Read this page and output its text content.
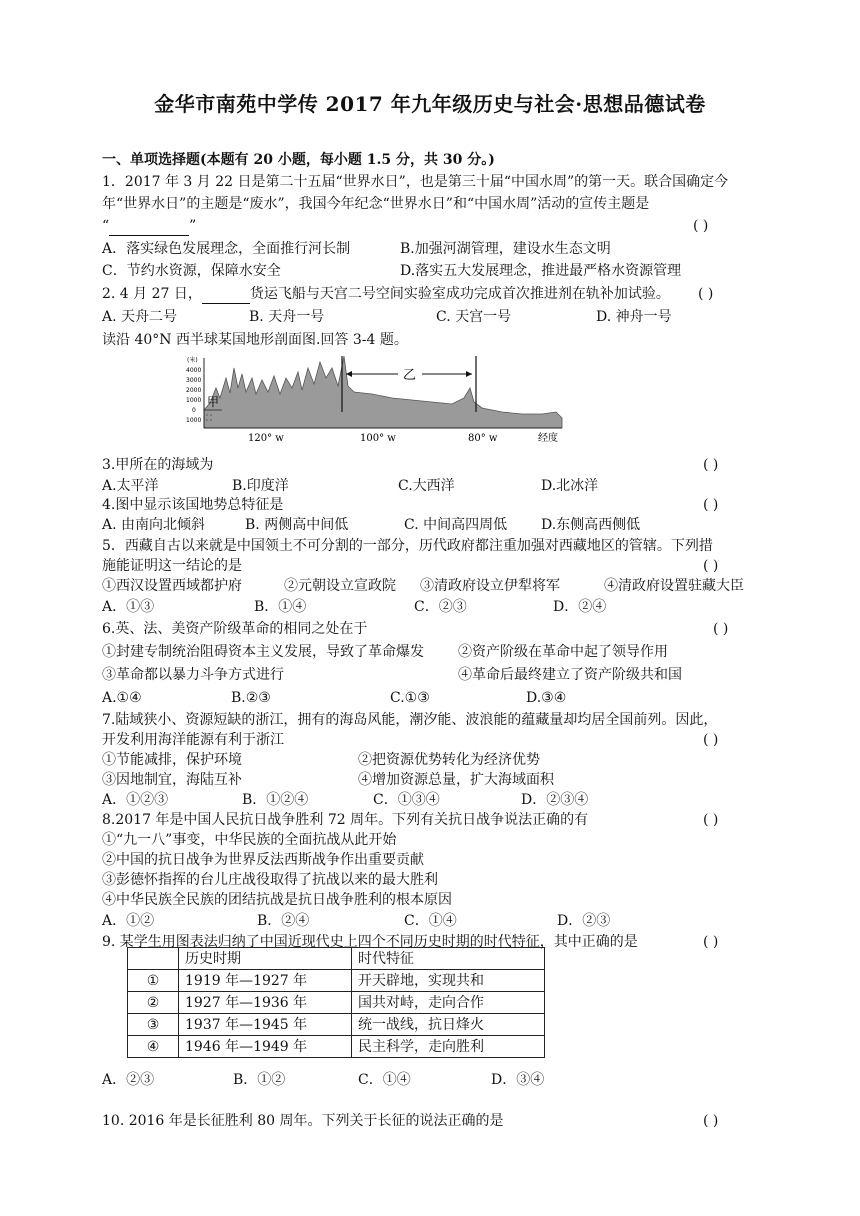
金华市南苑中学传 2017 年九年级历史与社会·思想品德试卷
一、单项选择题(本题有 20 小题，每小题 1.5 分，共 30 分。)
1．2017 年 3 月 22 日是第二十五届“世界水日”，也是第三十届“中国水周”的第一天。联合国确定今
年“世界水日”的主题是“废水”，我国今年纪念“世界水日”和“中国水周”活动的宣传主题是
“	”	( )
A．落实绿色发展理念，全面推行河长制	B.加强河湖管理，建设水生态文明
C．节约水资源，保障水安全	D.落实五大发展理念，推进最严格水资源管理
2. 4 月 27 日，	货运飞船与天宫二号空间实验室成功完成首次推进剂在轨补加试验。 ( )
A. 天舟二号	B. 天舟一号	C. 天宫一号	D. 神舟一号
读沿 40°N 西半球某国地形剖面图.回答 3-4 题。
(米)
4000
3000
2000
1000
0
1000
甲
乙
120° w	100° w	80° w	经度
3.甲所在的海域为	( )
A.太平洋	B.印度洋	C.大西洋	D.北冰洋
4.图中显示该国地势总特征是	( )
A. 由南向北倾斜	B. 两侧高中间低	C. 中间高四周低 D.东侧高西侧低
5．西藏自古以来就是中国领土不可分割的一部分，历代政府都注重加强对西藏地区的管辖。下列措
施能证明这一结论的是	( )
①西汉设置西域都护府	②元朝设立宣政院 ③清政府设立伊犁将军	④清政府设置驻藏大臣
A．①③	B．①④	C．②③	D．②④
6.英、法、美资产阶级革命的相同之处在于	( )
①封建专制统治阻碍资本主义发展，导致了革命爆发 ②资产阶级在革命中起了领导作用
③革命都以暴力斗争方式进行	④革命后最终建立了资产阶级共和国
A.①④	B.②③	C.①③	D.③④
7.陆域狭小、资源短缺的浙江，拥有的海岛风能，潮汐能、波浪能的蕴藏量却均居全国前列。因此，
开发利用海洋能源有利于浙江	( )
①节能减排，保护环境	②把资源优势转化为经济优势
③因地制宜，海陆互补	④增加资源总量，扩大海域面积
A．①②③	B．①②④	C．①③④	D．②③④
8.2017 年是中国人民抗日战争胜利 72 周年。下列有关抗日战争说法正确的有	( )
①“九一八”事变，中华民族的全面抗战从此开始
②中国的抗日战争为世界反法西斯战争作出重要贡献
③彭德怀指挥的台儿庄战役取得了抗战以来的最大胜利
④中华民族全民族的团结抗战是抗日战争胜利的根本原因
A．①②	B．②④	C．①④	D．②③
9. 某学生用图表法归纳了中国近现代史上四个不同历史时期的时代特征，其中正确的是	( )
	历史时期	时代特征
①	1919 年—1927 年	开天辟地，实现共和
②	1927 年—1936 年	国共对峙，走向合作
③	1937 年—1945 年	统一战线，抗日烽火
④	1946 年—1949 年	民主科学，走向胜利
A．②③	B．①②	C．①④	D．③④
10. 2016 年是长征胜利 80 周年。下列关于长征的说法正确的是	( )
